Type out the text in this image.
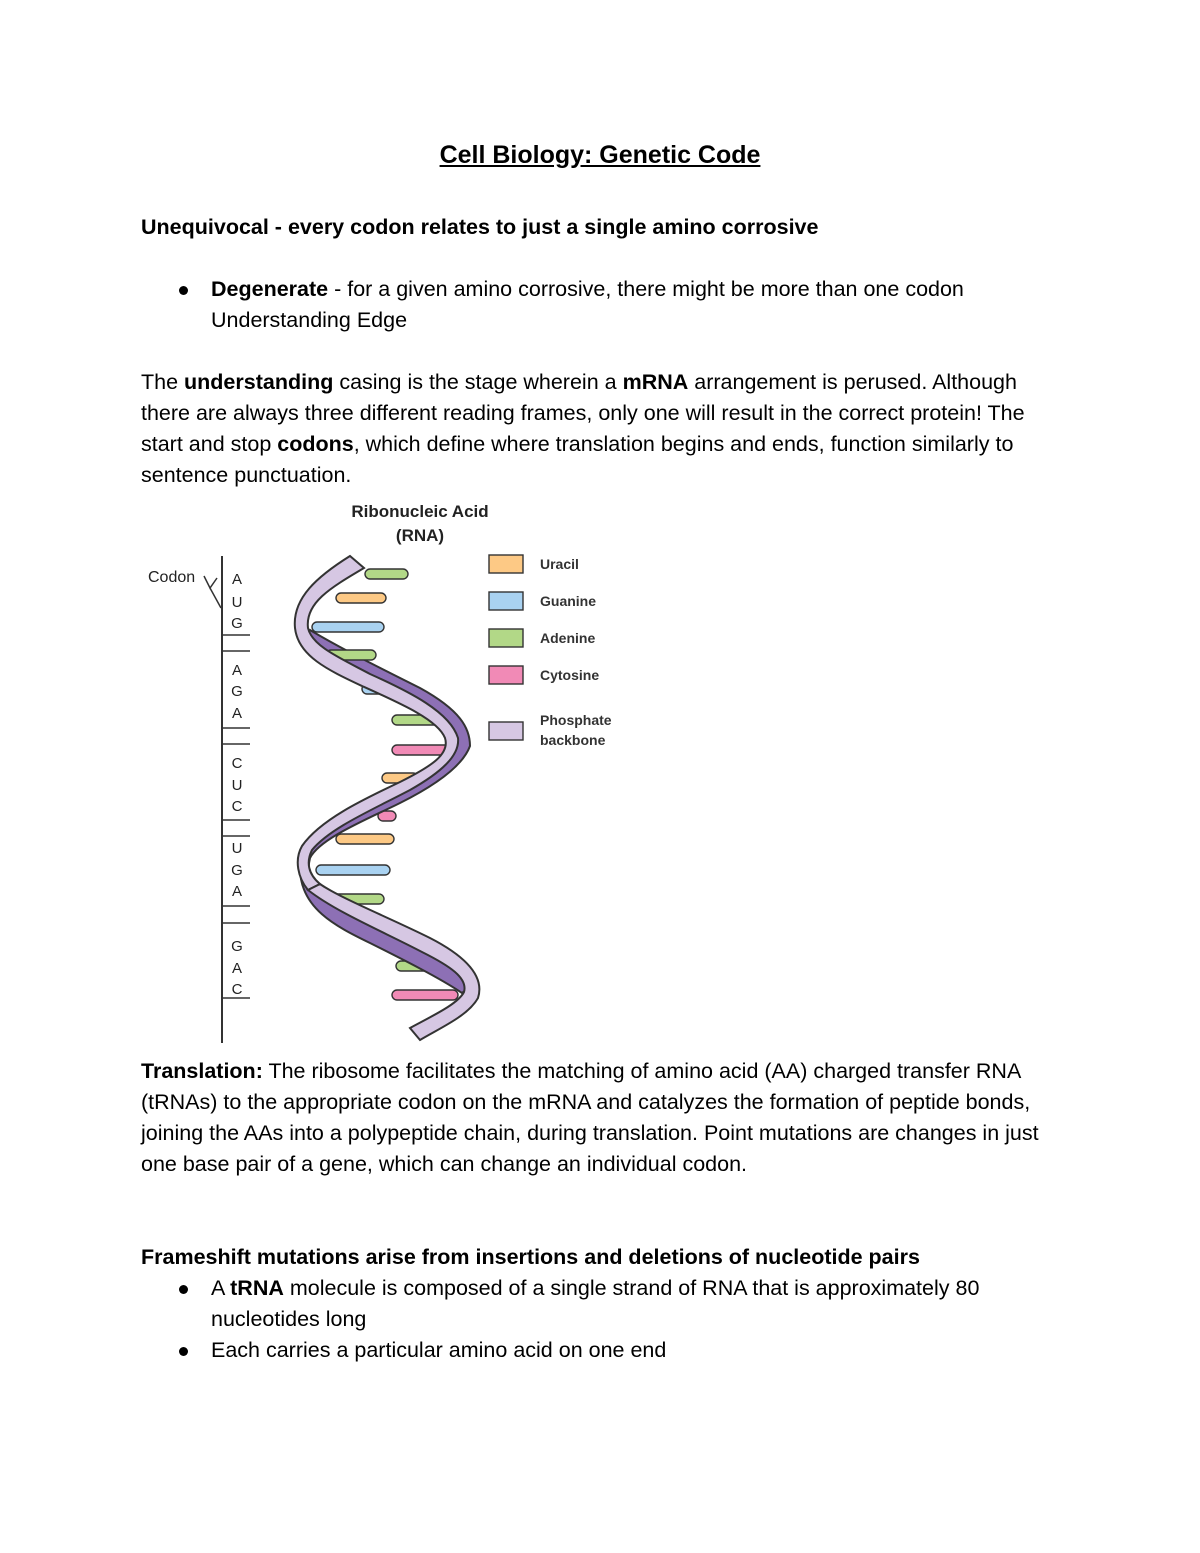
Cell Biology: Genetic Code

Unequivocal - every codon relates to just a single amino corrosive

Degenerate - for a given amino corrosive, there might be more than one codon
Understanding Edge

The understanding casing is the stage wherein a mRNA arrangement is perused. Although there are always three different reading frames, only one will result in the correct protein! The start and stop codons, which define where translation begins and ends, function similarly to sentence punctuation.

Ribonucleic Acid
(RNA)
Codon A
U
G
A
G
A
C
U
C
U
G
A
G
A
C
Uracil
Guanine
Adenine
Cytosine
Phosphate
backbone

Translation: The ribosome facilitates the matching of amino acid (AA) charged transfer RNA (tRNAs) to the appropriate codon on the mRNA and catalyzes the formation of peptide bonds, joining the AAs into a polypeptide chain, during translation. Point mutations are changes in just one base pair of a gene, which can change an individual codon.

Frameshift mutations arise from insertions and deletions of nucleotide pairs

A tRNA molecule is composed of a single strand of RNA that is approximately 80 nucleotides long
Each carries a particular amino acid on one end
